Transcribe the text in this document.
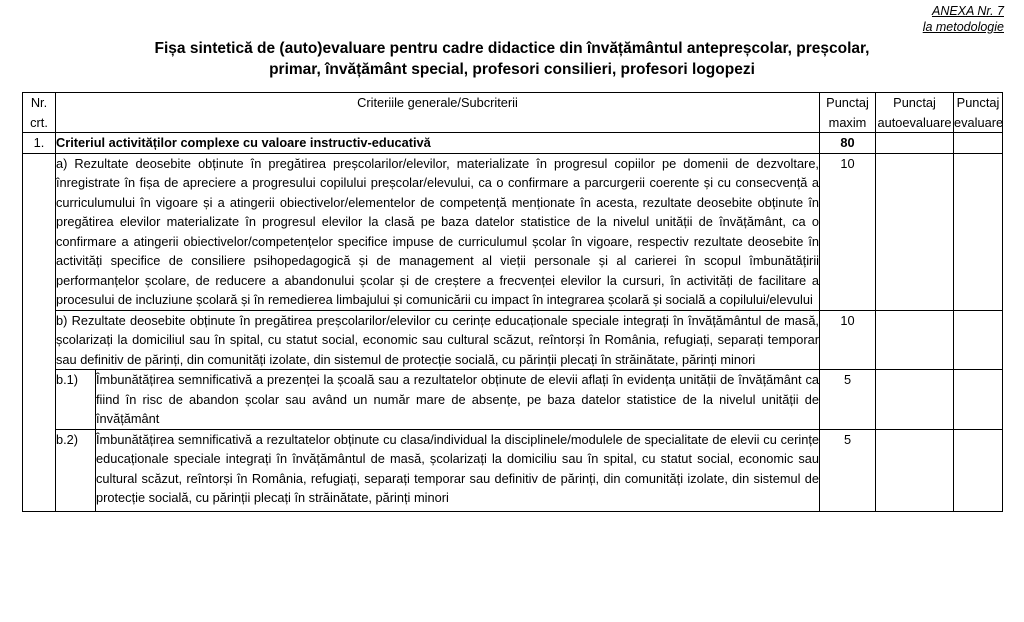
ANEXA Nr. 7
la metodologie
Fișa sintetică de (auto)evaluare pentru cadre didactice din învățământul antepreșcolar, preșcolar,
primar, învățământ special, profesori consilieri, profesori logopezi
Nr. crt.	Criteriile generale/Subcriterii		Punctaj maxim	Punctaj autoevaluare	Punctaj evaluare
1.	Criteriul activităților complexe cu valoare instructiv-educativă		80		
	a) Rezultate deosebite obținute în pregătirea preșcolarilor/elevilor, materializate în progresul copiilor pe domenii de dezvoltare, înregistrate în fișa de apreciere a progresului copilului preșcolar/elevului, ca o confirmare a parcurgerii coerente și cu consecvență a curriculumului în vigoare și a atingerii obiectivelor/elementelor de competență menționate în acesta, rezultate deosebite obținute în pregătirea elevilor materializate în progresul elevilor la clasă pe baza datelor statistice de la nivelul unității de învățământ, ca o confirmare a atingerii obiectivelor/competențelor specifice impuse de curriculumul școlar în vigoare, respectiv rezultate deosebite în activități specifice de consiliere psihopedagogică și de management al vieții personale și al carierei în scopul îmbunătățirii performanțelor școlare, de reducere a abandonului școlar și de creștere a frecvenței elevilor la cursuri, în activități de facilitare a procesului de incluziune școlară și în remedierea limbajului și comunicării cu impact în integrarea școlară și socială a copilului/elevului		10		
	b) Rezultate deosebite obținute în pregătirea preșcolarilor/elevilor cu cerințe educaționale speciale integrați în învățământul de masă, școlarizați la domiciliul sau în spital, cu statut social, economic sau cultural scăzut, reîntorși în România, refugiați, separați temporar sau definitiv de părinți, din comunități izolate, din sistemul de protecție socială, cu părinții plecați în străinătate, părinți minori		10		
	b.1)	Îmbunătățirea semnificativă a prezenței la școală sau a rezultatelor obținute de elevii aflați în evidența unității de învățământ ca fiind în risc de abandon școlar sau având un număr mare de absențe, pe baza datelor statistice de la nivelul unității de învățământ	5		
	b.2)	Îmbunătățirea semnificativă a rezultatelor obținute cu clasa/individual la disciplinele/modulele de specialitate de elevii cu cerințe educaționale speciale integrați în învățământul de masă, școlarizați la domiciliu sau în spital, cu statut social, economic sau cultural scăzut, reîntorși în România, refugiați, separați temporar sau definitiv de părinți, din comunități izolate, din sistemul de protecție socială, cu părinții plecați în străinătate, părinți minori	5		
